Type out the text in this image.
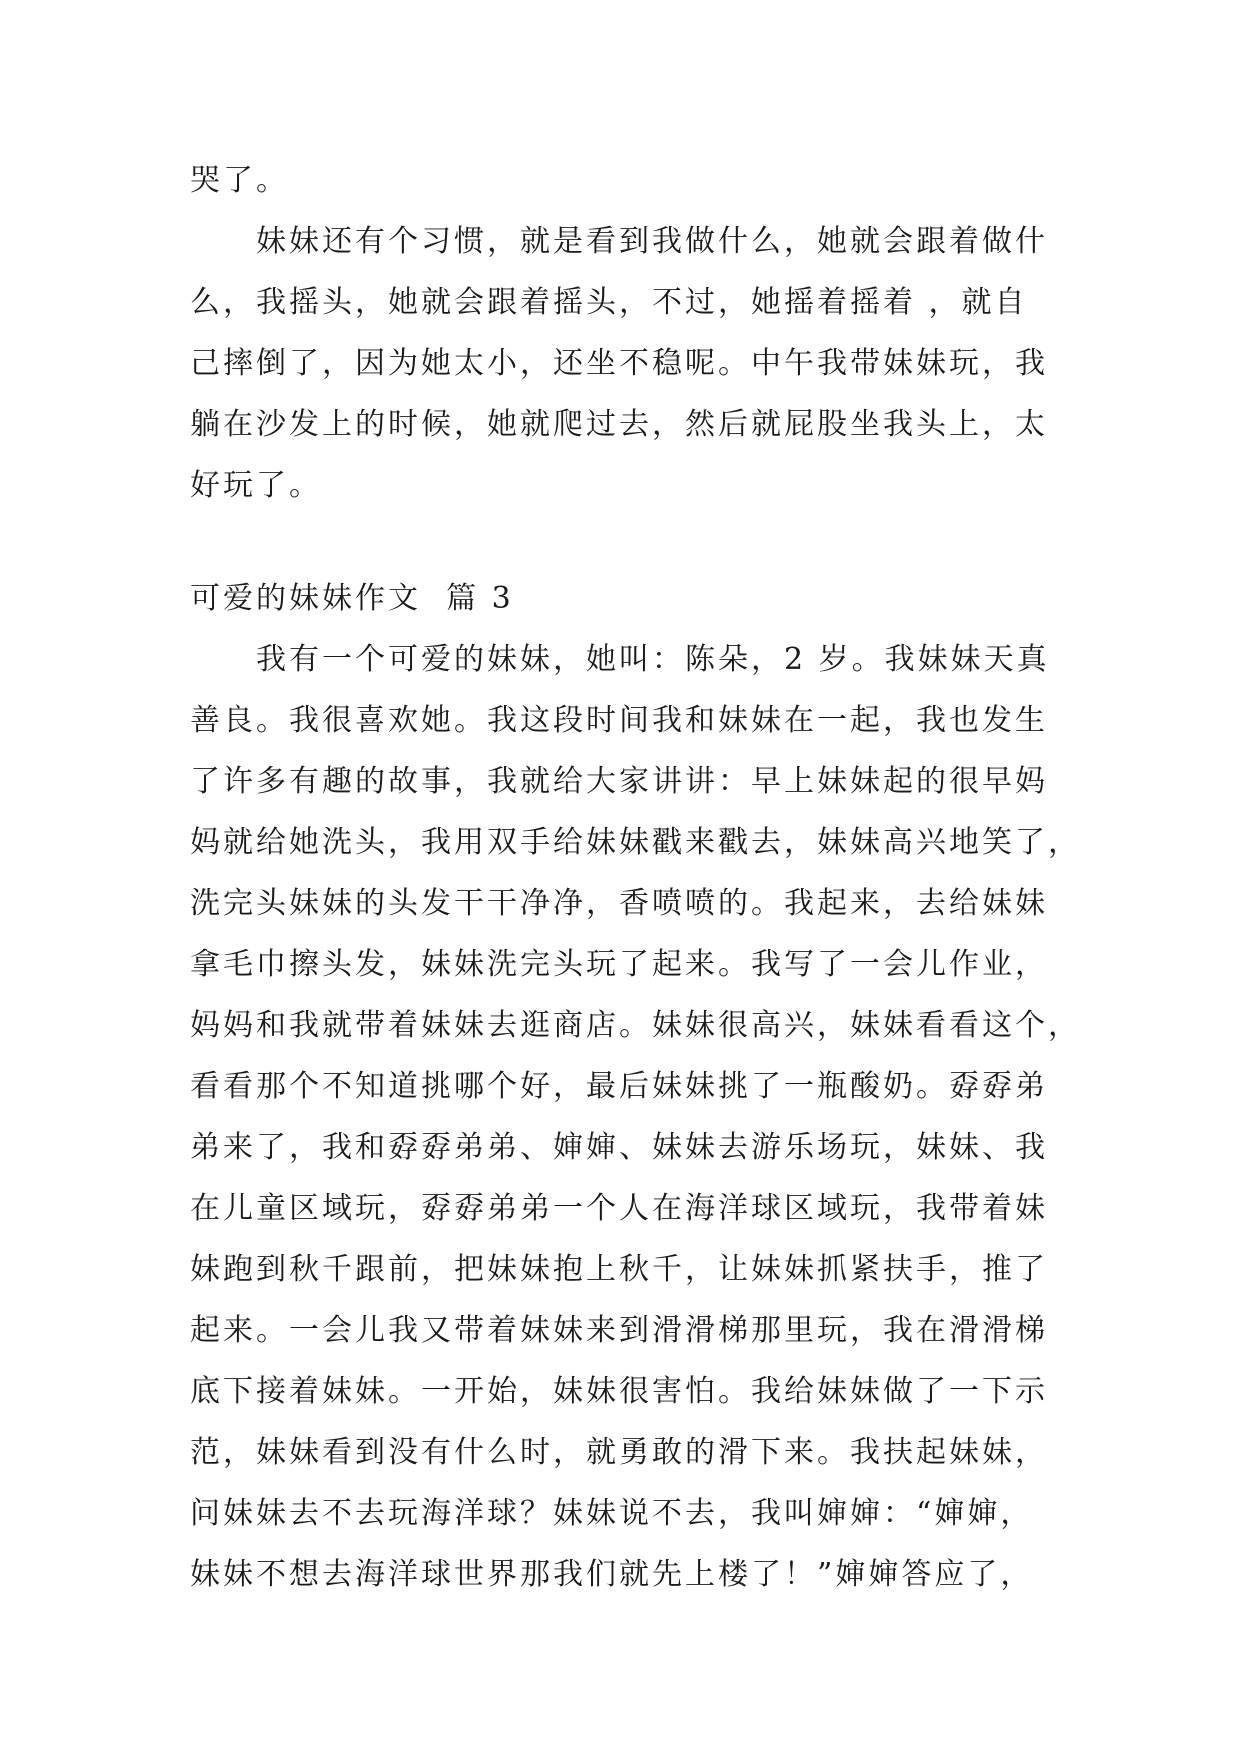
哭了。
　　妹妹还有个习惯，就是看到我做什么，她就会跟着做什
么，我摇头，她就会跟着摇头，不过，她摇着摇着 ，就自
己摔倒了，因为她太小，还坐不稳呢。中午我带妹妹玩，我
躺在沙发上的时候，她就爬过去，然后就屁股坐我头上，太
好玩了。
可爱的妹妹作文  篇 3
　　我有一个可爱的妹妹，她叫：陈朵，2 岁。我妹妹天真
善良。我很喜欢她。我这段时间我和妹妹在一起，我也发生
了许多有趣的故事，我就给大家讲讲：早上妹妹起的很早妈
妈就给她洗头，我用双手给妹妹戳来戳去，妹妹高兴地笑了，
洗完头妹妹的头发干干净净，香喷喷的。我起来，去给妹妹
拿毛巾擦头发，妹妹洗完头玩了起来。我写了一会儿作业，
妈妈和我就带着妹妹去逛商店。妹妹很高兴，妹妹看看这个，
看看那个不知道挑哪个好，最后妹妹挑了一瓶酸奶。孬孬弟
弟来了，我和孬孬弟弟、婶婶、妹妹去游乐场玩，妹妹、我
在儿童区域玩，孬孬弟弟一个人在海洋球区域玩，我带着妹
妹跑到秋千跟前，把妹妹抱上秋千，让妹妹抓紧扶手，推了
起来。一会儿我又带着妹妹来到滑滑梯那里玩，我在滑滑梯
底下接着妹妹。一开始，妹妹很害怕。我给妹妹做了一下示
范，妹妹看到没有什么时，就勇敢的滑下来。我扶起妹妹，
问妹妹去不去玩海洋球？妹妹说不去，我叫婶婶：“婶婶，
妹妹不想去海洋球世界那我们就先上楼了！”婶婶答应了，
